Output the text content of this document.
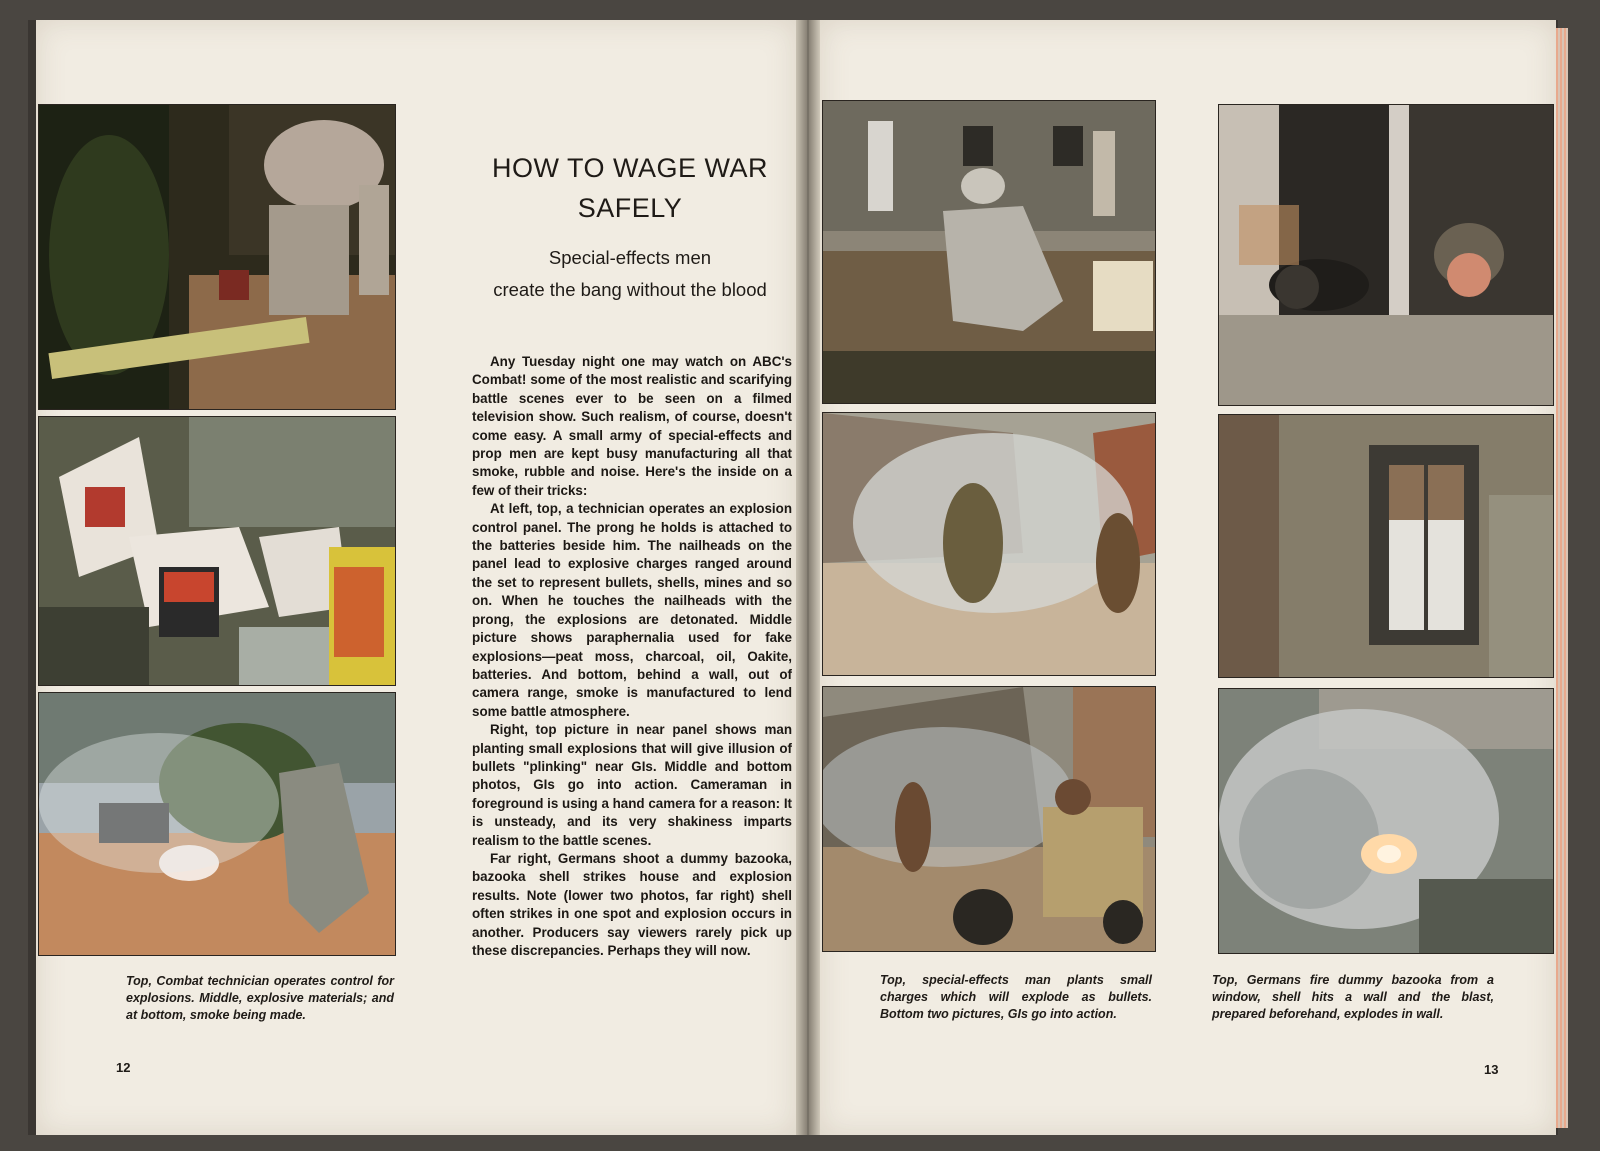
Top, Combat technician operates control for explosions. Middle, explosive materials; and at bottom, smoke being made.
HOW TO WAGE WAR
SAFELY
Special-effects men
create the bang without the blood

Any Tuesday night one may watch on ABC's Combat! some of the most realistic and scarifying battle scenes ever to be seen on a filmed television show. Such realism, of course, doesn't come easy. A small army of special-effects and prop men are kept busy manufacturing all that smoke, rubble and noise. Here's the inside on a few of their tricks:

At left, top, a technician operates an explosion control panel. The prong he holds is attached to the batteries beside him. The nailheads on the panel lead to explosive charges ranged around the set to represent bullets, shells, mines and so on. When he touches the nailheads with the prong, the explosions are detonated. Middle picture shows paraphernalia used for fake explosions—peat moss, charcoal, oil, Oakite, batteries. And bottom, behind a wall, out of camera range, smoke is manufactured to lend some battle atmosphere.

Right, top picture in near panel shows man planting small explosions that will give illusion of bullets "plinking" near GIs. Middle and bottom photos, GIs go into action. Cameraman in foreground is using a hand camera for a reason: It is unsteady, and its very shakiness imparts realism to the battle scenes.

Far right, Germans shoot a dummy bazooka, bazooka shell strikes house and explosion results. Note (lower two photos, far right) shell often strikes in one spot and explosion occurs in another. Producers say viewers rarely pick up these discrepancies. Perhaps they will now.

12
Top, special-effects man plants small charges which will explode as bullets. Bottom two pictures, GIs go into action.
Top, Germans fire dummy bazooka from a window, shell hits a wall and the blast, prepared beforehand, explodes in wall.
13
